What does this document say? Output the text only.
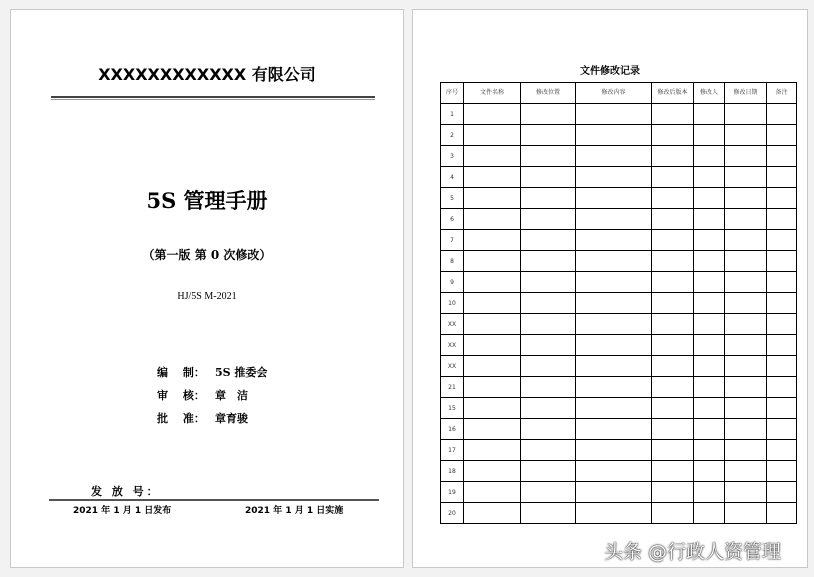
XXXXXXXXXXXX 有限公司
5S 管理手册
（第一版 第 0 次修改）
HJ/5S M-2021
编　 制： 5S 推委会
审　 核： 章　洁
批　 准： 章育骏
发 放 号：
2021 年 1 月 1 日发布	2021 年 1 月 1 日实施
文件修改记录
序号	文件名称	修改位置	修改内容	修改后版本	修改人	修改日期	备注
1							
2							
3							
4							
5							
6							
7							
8							
9							
10							
XX							
XX							
XX							
21							
15							
16							
17							
18							
19							
20							
头条 @行政人资管理
